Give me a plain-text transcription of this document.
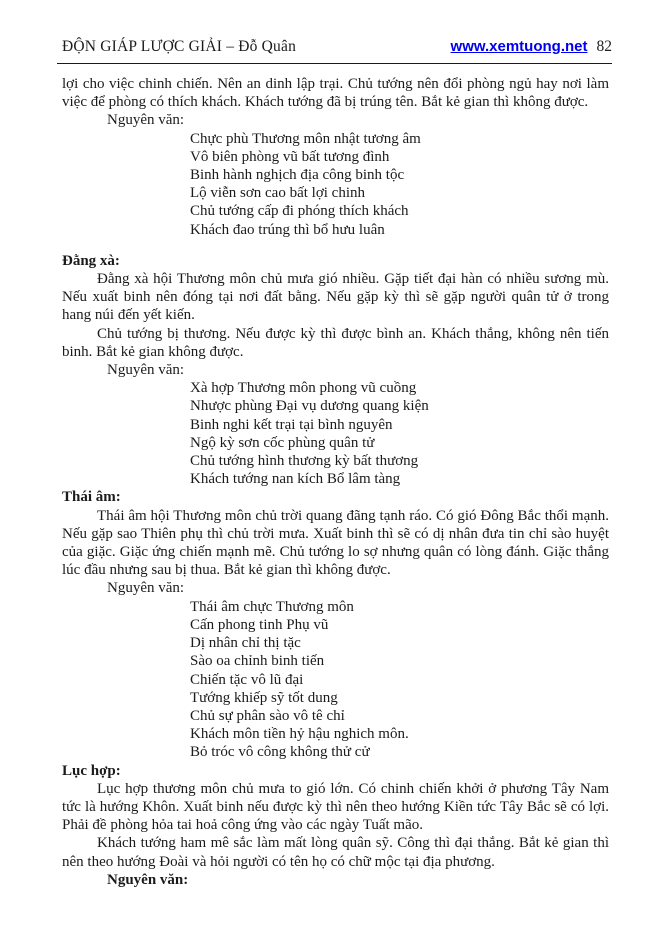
ĐỘN GIÁP LƯỢC GIẢI – Đỗ Quân	www.xemtuong.net 82

lợi cho việc chinh chiến. Nên an dinh lập trại. Chủ tướng nên đổi phòng ngủ hay nơi làm việc để phòng có thích khách. Khách tướng đã bị trúng tên. Bắt kẻ gian thì không được.

Nguyên văn:
Chực phù Thương môn nhật tương âm
Vô biên phòng vũ bất tương đình
Binh hành nghịch địa công binh tộc
Lộ viễn sơn cao bất lợi chinh
Chủ tướng cấp đi phóng thích khách
Khách đao trúng thì bổ hưu luân
Đằng xà:

Đằng xà hội Thương môn chủ mưa gió nhiều. Gặp tiết đại hàn có nhiều sương mù. Nếu xuất binh nên đóng tại nơi đất bằng. Nếu gặp kỳ thì sẽ gặp người quân tử ở trong hang núi đến yết kiến.

Chủ tướng bị thương. Nếu được kỳ thì được bình an. Khách thắng, không nên tiến binh. Bắt kẻ gian không được.

Nguyên văn:
Xà hợp Thương môn phong vũ cuồng
Nhược phùng Đại vụ dương quang kiện
Binh nghi kết trại tại bình nguyên
Ngộ kỳ sơn cốc phùng quân tử
Chủ tướng hình thương kỳ bất thương
Khách tướng nan kích Bổ lâm tàng
Thái âm:

Thái âm hội Thương môn chủ trời quang đãng tạnh ráo. Có gió Đông Bắc thổi mạnh. Nếu gặp sao Thiên phụ thì chủ trời mưa. Xuất binh thì sẽ có dị nhân đưa tin chỉ sào huyệt của giặc. Giặc ứng chiến mạnh mẽ. Chủ tướng lo sợ nhưng quân có lòng đánh. Giặc thắng lúc đầu nhưng sau bị thua. Bắt kẻ gian thì không được.

Nguyên văn:
Thái âm chực Thương môn
Cấn phong tinh Phụ vũ
Dị nhân chỉ thị tặc
Sào oa chỉnh binh tiến
Chiến tặc vô lũ đại
Tướng khiếp sỹ tốt dung
Chủ sự phân sào vô tê chỉ
Khách môn tiền hỷ hậu nghich môn.
Bỏ tróc vô công không thử cử
Lục hợp:

Lục hợp thương môn chủ mưa to gió lớn. Có chinh chiến khởi ở phương Tây Nam tức là hướng Khôn. Xuất binh nếu được kỳ thì nên theo hướng Kiền tức Tây Bắc sẽ có lợi. Phải đề phòng hỏa tai hoả công ứng vào các ngày Tuất mão.

Khách tướng ham mê sắc làm mất lòng quân sỹ. Công thì đại thắng. Bắt kẻ gian thì nên theo hướng Đoài và hỏi người có tên họ có chữ mộc tại địa phương.

Nguyên văn:
